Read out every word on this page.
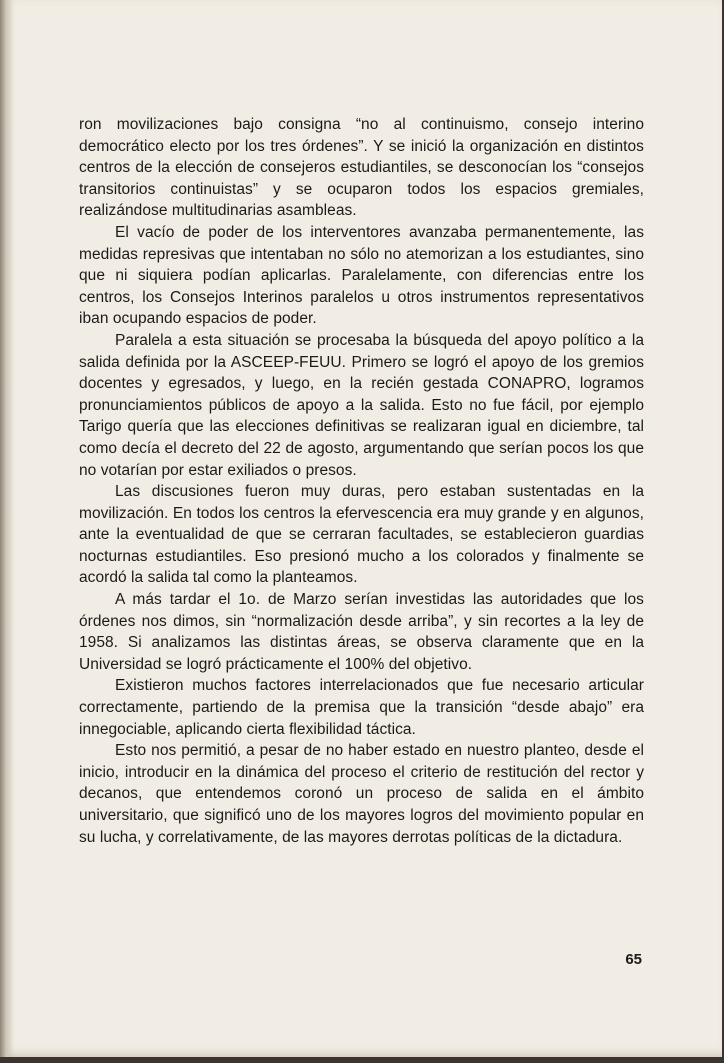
ron movilizaciones bajo consigna “no al continuismo, consejo interino democrático electo por los tres órdenes”. Y se inició la organización en distintos centros de la elección de consejeros estudiantiles, se desconocían los “consejos transitorios continuistas” y se ocuparon todos los espacios gremiales, realizándose multitudinarias asambleas.

El vacío de poder de los interventores avanzaba permanentemente, las medidas represivas que intentaban no sólo no atemorizan a los estudiantes, sino que ni siquiera podían aplicarlas. Paralelamente, con diferencias entre los centros, los Consejos Interinos paralelos u otros instrumentos representativos iban ocupando espacios de poder.

Paralela a esta situación se procesaba la búsqueda del apoyo político a la salida definida por la ASCEEP-FEUU. Primero se logró el apoyo de los gremios docentes y egresados, y luego, en la recién gestada CONAPRO, logramos pronunciamientos públicos de apoyo a la salida. Esto no fue fácil, por ejemplo Tarigo quería que las elecciones definitivas se realizaran igual en diciembre, tal como decía el decreto del 22 de agosto, argumentando que serían pocos los que no votarían por estar exiliados o presos.

Las discusiones fueron muy duras, pero estaban sustentadas en la movilización. En todos los centros la efervescencia era muy grande y en algunos, ante la eventualidad de que se cerraran facultades, se establecieron guardias nocturnas estudiantiles. Eso presionó mucho a los colorados y finalmente se acordó la salida tal como la planteamos.

A más tardar el 1o. de Marzo serían investidas las autoridades que los órdenes nos dimos, sin “normalización desde arriba”, y sin recortes a la ley de 1958. Si analizamos las distintas áreas, se observa claramente que en la Universidad se logró prácticamente el 100% del objetivo.

Existieron muchos factores interrelacionados que fue necesario articular correctamente, partiendo de la premisa que la transición “desde abajo” era innegociable, aplicando cierta flexibilidad táctica.

Esto nos permitió, a pesar de no haber estado en nuestro planteo, desde el inicio, introducir en la dinámica del proceso el criterio de restitución del rector y decanos, que entendemos coronó un proceso de salida en el ámbito universitario, que significó uno de los mayores logros del movimiento popular en su lucha, y correlativamente, de las mayores derrotas políticas de la dictadura.

65
